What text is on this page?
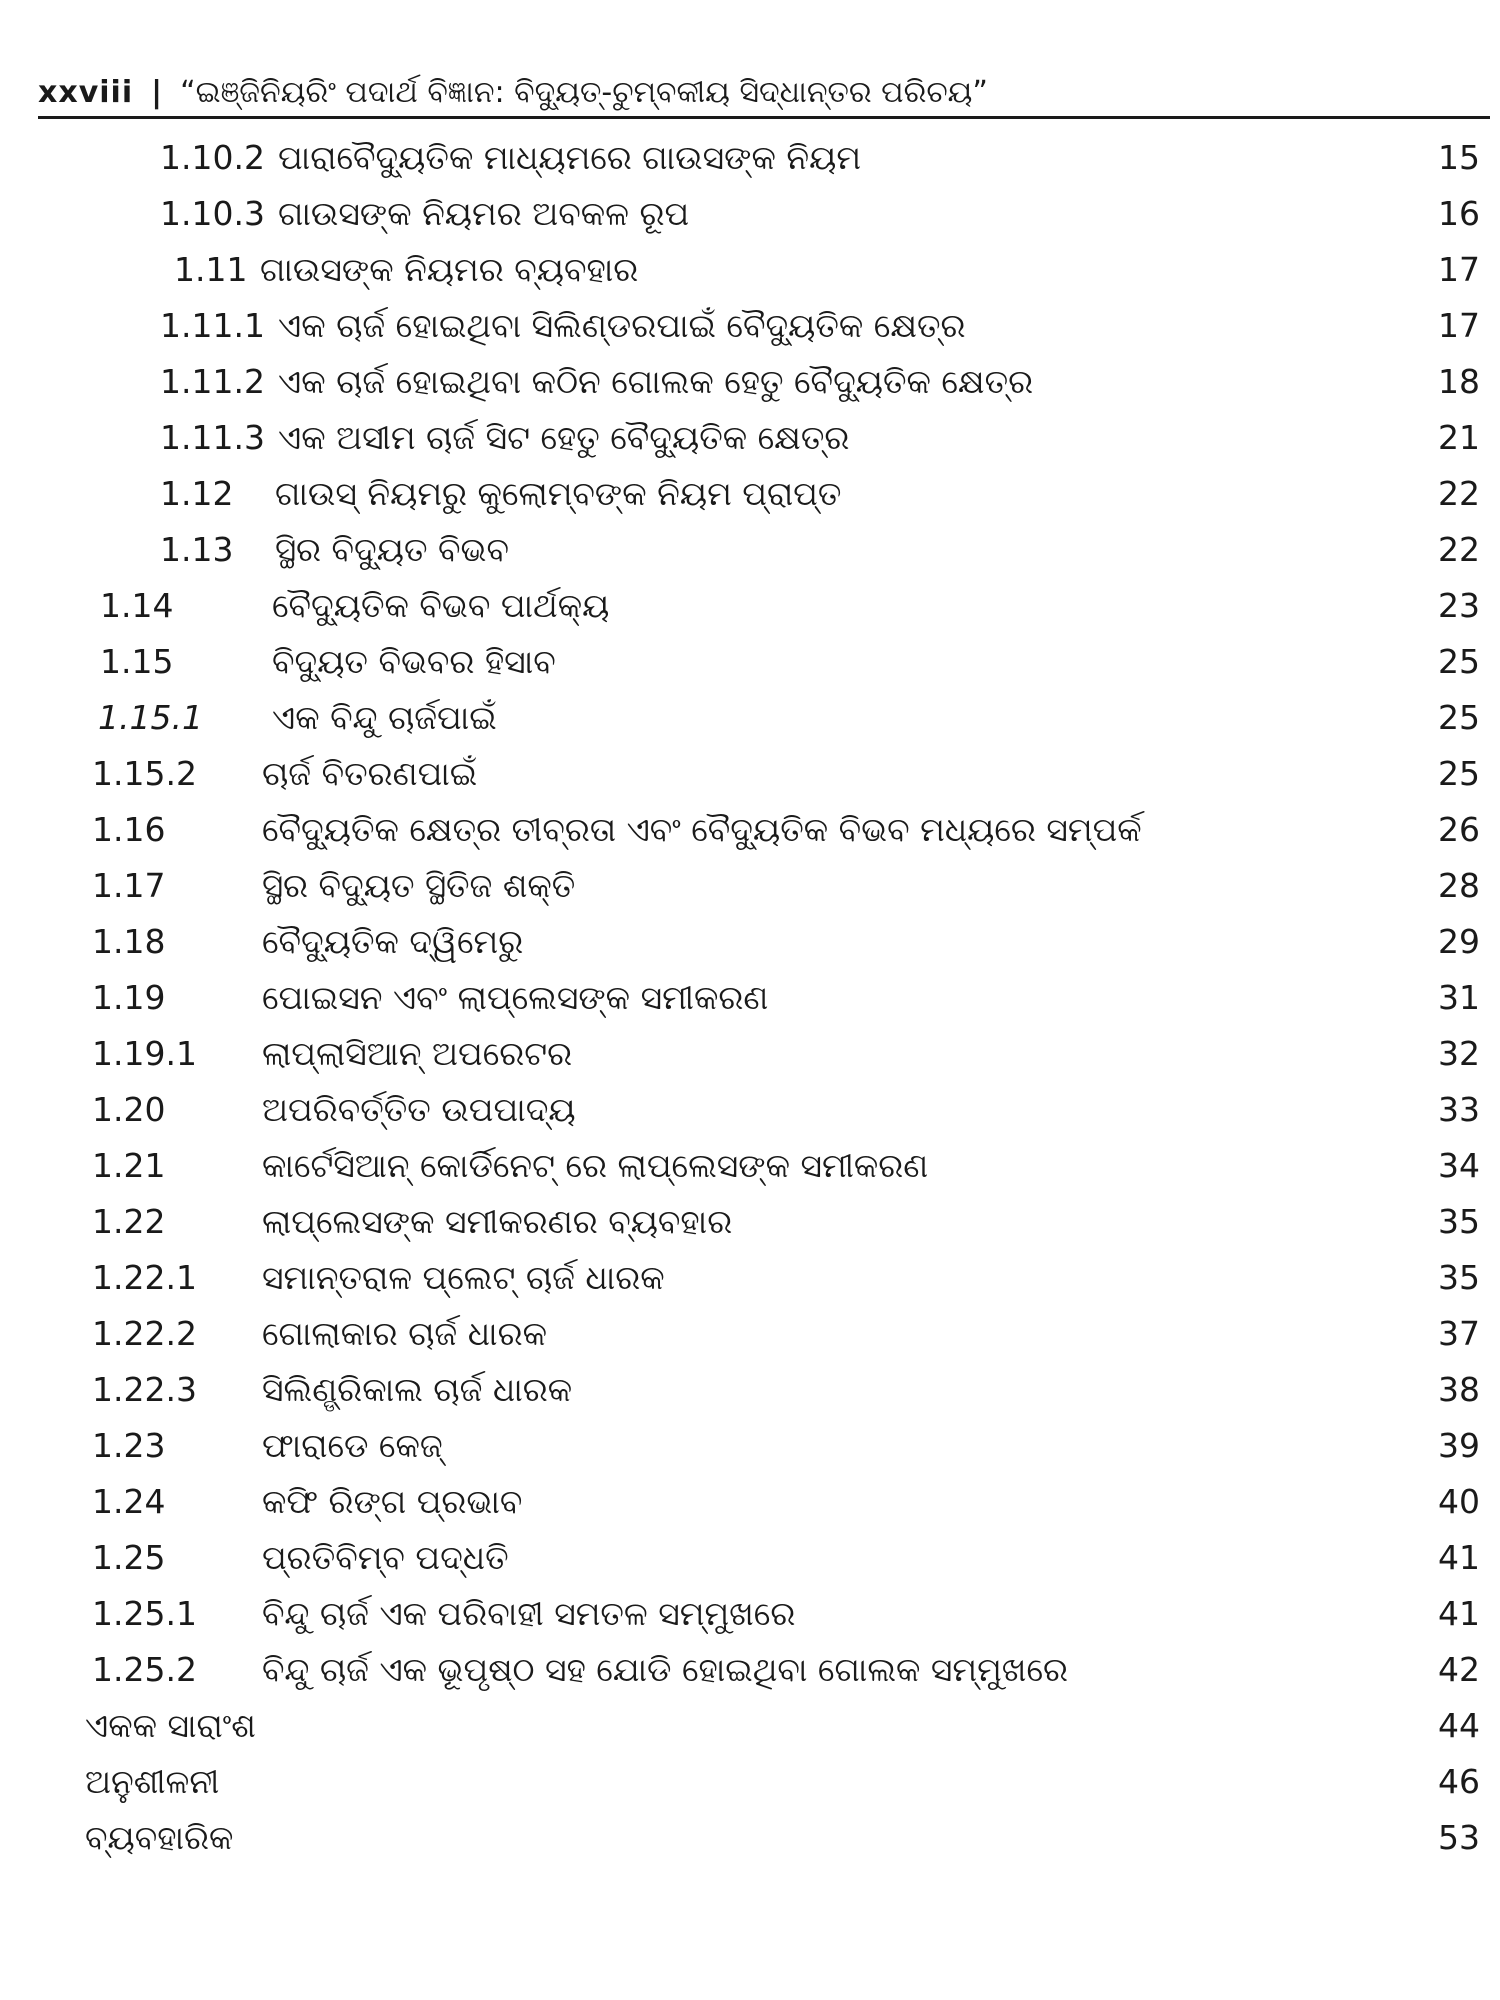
xxviii | “ଇଞ୍ଜିନିୟରିଂ ପଦାର୍ଥ ବିଜ୍ଞାନ: ବିଦ୍ୟୁତ୍-ଚୁମ୍ବକୀୟ ସିଦ୍ଧାନ୍ତର ପରିଚୟ”
1.10.2 ପାରାବୈଦ୍ୟୁତିକ ମାଧ୍ୟମରେ ଗାଉସଙ୍କ ନିୟମ	15
1.10.3 ଗାଉସଙ୍କ ନିୟମର ଅବକଳ ରୂପ	16
1.11 ଗାଉସଙ୍କ ନିୟମର ବ୍ୟବହାର	17
1.11.1 ଏକ ଚାର୍ଜ ହୋଇଥିବା ସିଲିଣ୍ଡରପାଇଁ ବୈଦ୍ୟୁତିକ କ୍ଷେତ୍ର	17
1.11.2 ଏକ ଚାର୍ଜ ହୋଇଥିବା କଠିନ ଗୋଲକ ହେତୁ ବୈଦ୍ୟୁତିକ କ୍ଷେତ୍ର	18
1.11.3 ଏକ ଅସୀମ ଚାର୍ଜ ସିଟ ହେତୁ ବୈଦ୍ୟୁତିକ କ୍ଷେତ୍ର	21
1.12 ଗାଉସ୍ ନିୟମରୁ କୁଲୋମ୍ବଙ୍କ ନିୟମ ପ୍ରାପ୍ତ	22
1.13 ସ୍ଥିର ବିଦ୍ୟୁତ ବିଭବ	22
1.14	ବୈଦ୍ୟୁତିକ ବିଭବ ପାର୍ଥକ୍ୟ	23
1.15	ବିଦ୍ୟୁତ ବିଭବର ହିସାବ	25
1.15.1 ଏକ ବିନ୍ଦୁ ଚାର୍ଜପାଇଁ	25
1.15.2 ଚାର୍ଜ ବିତରଣପାଇଁ	25
1.16	ବୈଦ୍ୟୁତିକ କ୍ଷେତ୍ର ତୀବ୍ରତା ଏବଂ ବୈଦ୍ୟୁତିକ ବିଭବ ମଧ୍ୟରେ ସମ୍ପର୍କ	26
1.17	ସ୍ଥିର ବିଦ୍ୟୁତ ସ୍ଥିତିଜ ଶକ୍ତି	28
1.18	ବୈଦ୍ୟୁତିକ ଦ୍ୱିମେରୁ	29
1.19	ପୋଇସନ ଏବଂ ଲାପ୍ଲେସଙ୍କ ସମୀକରଣ	31
1.19.1 ଲାପ୍ଲାସିଆନ୍ ଅପରେଟର	32
1.20	ଅପରିବର୍ତ୍ତିତ ଉପପାଦ୍ୟ	33
1.21	କାର୍ଟେସିଆନ୍ କୋର୍ଡିନେଟ୍ ରେ ଲାପ୍ଲେସଙ୍କ ସମୀକରଣ	34
1.22	ଲାପ୍ଲେସଙ୍କ ସମୀକରଣର ବ୍ୟବହାର	35
1.22.1 ସମାନ୍ତରାଳ ପ୍ଲେଟ୍ ଚାର୍ଜ ଧାରକ	35
1.22.2 ଗୋଲାକାର ଚାର୍ଜ ଧାରକ	37
1.22.3 ସିଲିଣ୍ଡ୍ରିକାଲ ଚାର୍ଜ ଧାରକ	38
1.23	ଫାରାଡେ କେଜ୍	39
1.24	କଫି ରିଙ୍ଗ ପ୍ରଭାବ	40
1.25	ପ୍ରତିବିମ୍ବ ପଦ୍ଧତି	41
1.25.1 ବିନ୍ଦୁ ଚାର୍ଜ ଏକ ପରିବାହୀ ସମତଳ ସମ୍ମୁଖରେ	41
1.25.2 ବିନ୍ଦୁ ଚାର୍ଜ ଏକ ଭୂପୃଷ୍ଠ ସହ ଯୋଡି ହୋଇଥିବା ଗୋଲକ ସମ୍ମୁଖରେ	42
ଏକକ ସାରାଂଶ	44
ଅନୁଶୀଳନୀ	46
ବ୍ୟବହାରିକ	53
